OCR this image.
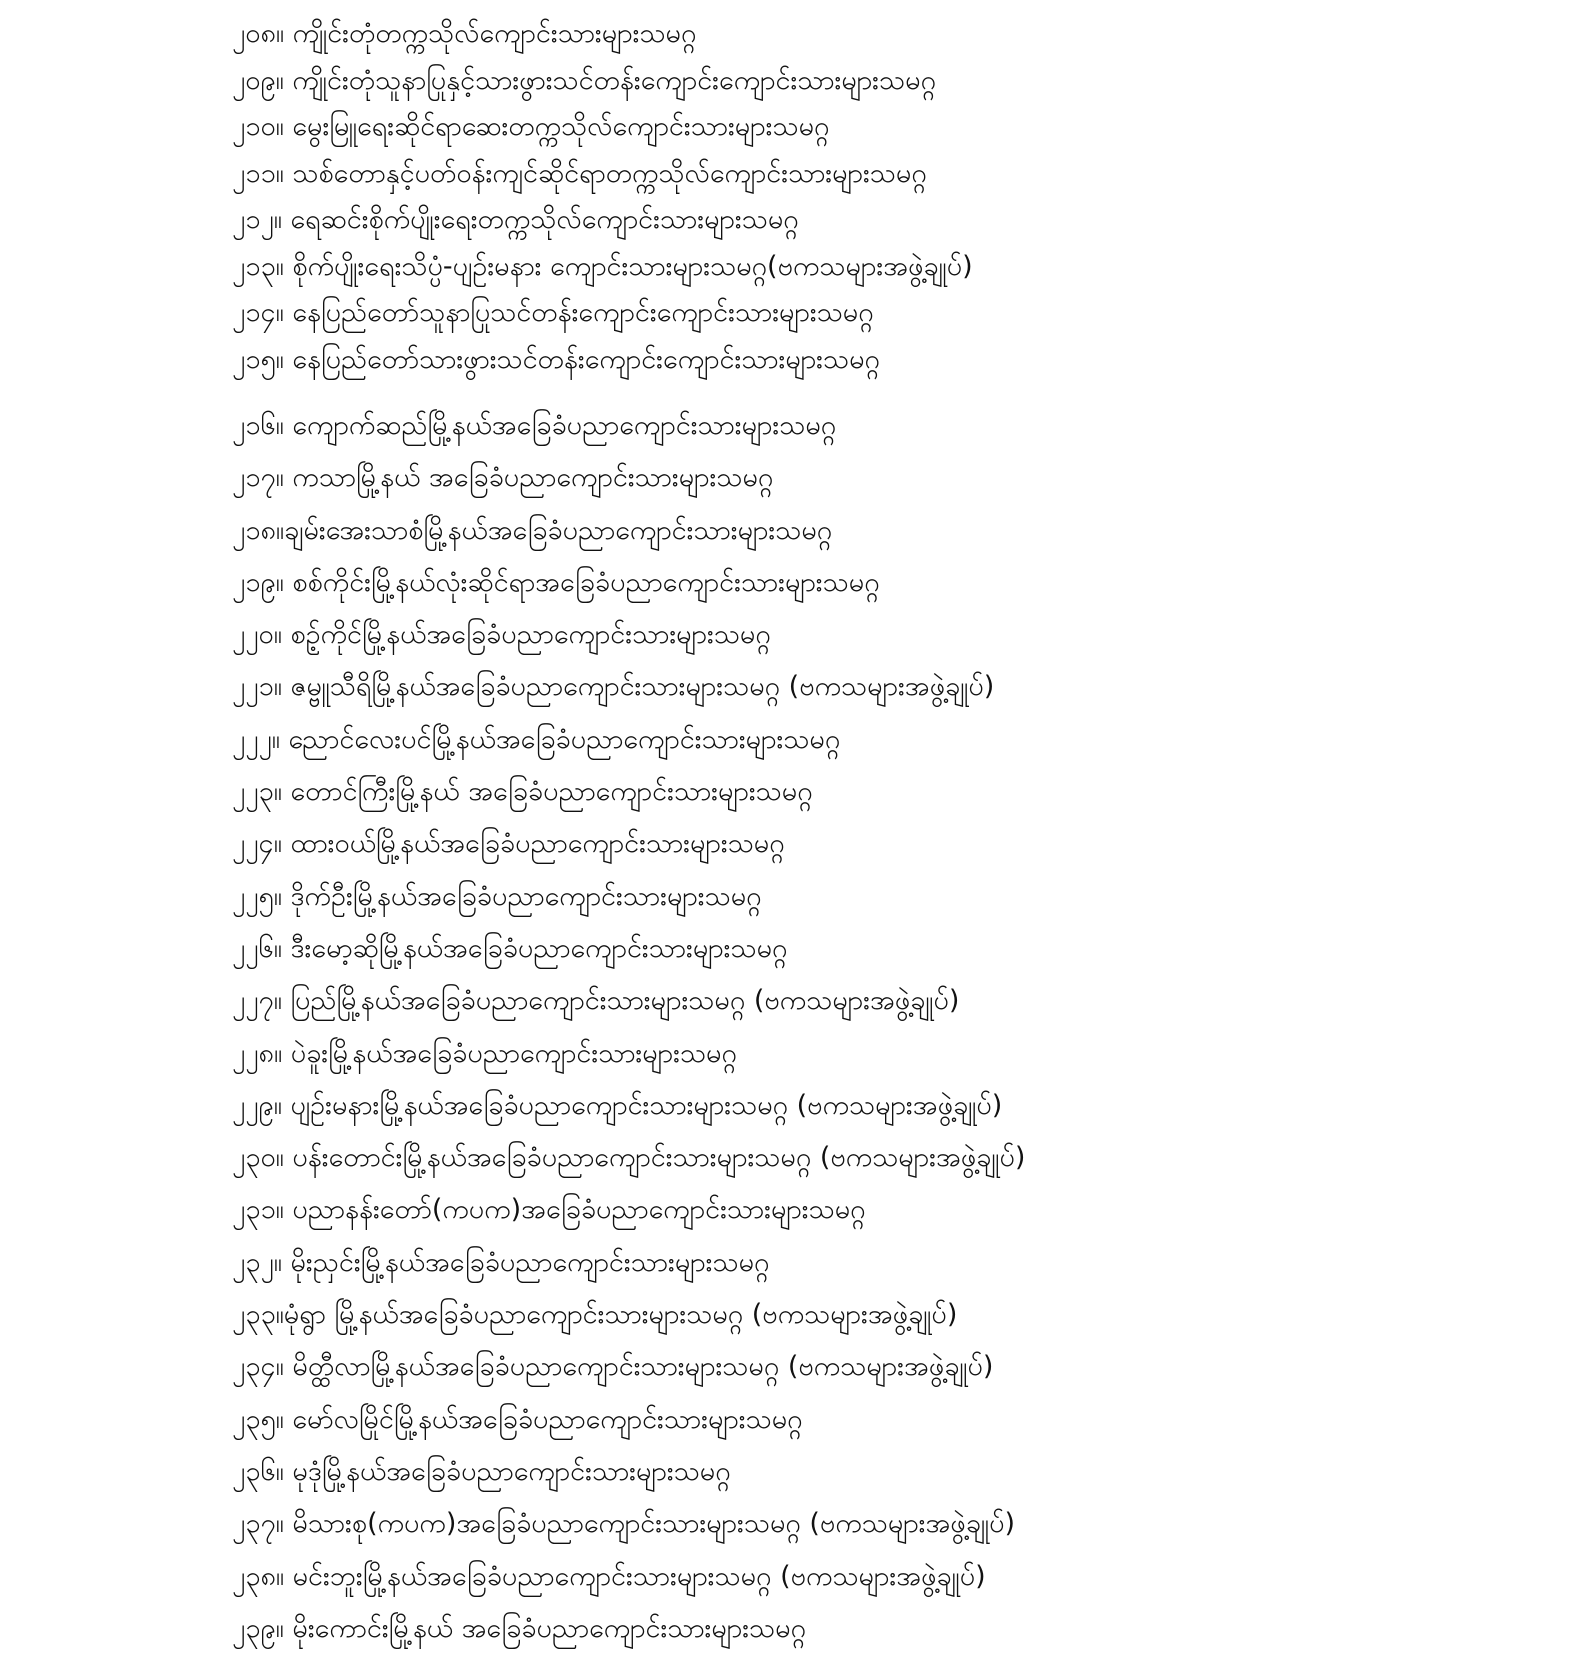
၂၀၈။ ကျိုင်းတုံတက္ကသိုလ်ကျောင်းသားများသမဂ္ဂ

၂၀၉။ ကျိုင်းတုံသူနာပြုနှင့်သားဖွားသင်တန်းကျောင်းကျောင်းသားများသမဂ္ဂ

၂၁၀။ မွေးမြူရေးဆိုင်ရာဆေးတက္ကသိုလ်ကျောင်းသားများသမဂ္ဂ

၂၁၁။ သစ်တောနှင့်ပတ်ဝန်းကျင်ဆိုင်ရာတက္ကသိုလ်ကျောင်းသားများသမဂ္ဂ

၂၁၂။ ရေဆင်းစိုက်ပျိုးရေးတက္ကသိုလ်ကျောင်းသားများသမဂ္ဂ

၂၁၃။ စိုက်ပျိုးရေးသိပ္ပံ-ပျဉ်းမနား ကျောင်းသားများသမဂ္ဂ(ဗကသများအဖွဲ့ချုပ်)

၂၁၄။ နေပြည်တော်သူနာပြုသင်တန်းကျောင်းကျောင်းသားများသမဂ္ဂ

၂၁၅။ နေပြည်တော်သားဖွားသင်တန်းကျောင်းကျောင်းသားများသမဂ္ဂ

၂၁၆။ ကျောက်ဆည်မြို့နယ်အခြေခံပညာကျောင်းသားများသမဂ္ဂ

၂၁၇။ ကသာမြို့နယ် အခြေခံပညာကျောင်းသားများသမဂ္ဂ

၂၁၈။ချမ်းအေးသာစံမြို့နယ်အခြေခံပညာကျောင်းသားများသမဂ္ဂ

၂၁၉။ စစ်ကိုင်းမြို့နယ်လုံးဆိုင်ရာအခြေခံပညာကျောင်းသားများသမဂ္ဂ

၂၂၀။ စဉ့်ကိုင်မြို့နယ်အခြေခံပညာကျောင်းသားများသမဂ္ဂ

၂၂၁။ ဇမ္ဗူသီရိမြို့နယ်အခြေခံပညာကျောင်းသားများသမဂ္ဂ (ဗကသများအဖွဲ့ချုပ်)

၂၂၂။ ညောင်လေးပင်မြို့နယ်အခြေခံပညာကျောင်းသားများသမဂ္ဂ

၂၂၃။ တောင်ကြီးမြို့နယ် အခြေခံပညာကျောင်းသားများသမဂ္ဂ

၂၂၄။ ထားဝယ်မြို့နယ်အခြေခံပညာကျောင်းသားများသမဂ္ဂ

၂၂၅။ ဒိုက်ဦးမြို့နယ်အခြေခံပညာကျောင်းသားများသမဂ္ဂ

၂၂၆။ ဒီးမော့ဆိုမြို့နယ်အခြေခံပညာကျောင်းသားများသမဂ္ဂ

၂၂၇။ ပြည်မြို့နယ်အခြေခံပညာကျောင်းသားများသမဂ္ဂ (ဗကသများအဖွဲ့ချုပ်)

၂၂၈။ ပဲခူးမြို့နယ်အခြေခံပညာကျောင်းသားများသမဂ္ဂ

၂၂၉။ ပျဉ်းမနားမြို့နယ်အခြေခံပညာကျောင်းသားများသမဂ္ဂ (ဗကသများအဖွဲ့ချုပ်)

၂၃၀။ ပန်းတောင်းမြို့နယ်အခြေခံပညာကျောင်းသားများသမဂ္ဂ (ဗကသများအဖွဲ့ချုပ်)

၂၃၁။ ပညာနန်းတော်(ကပက)အခြေခံပညာကျောင်းသားများသမဂ္ဂ

၂၃၂။ မိုးညှင်းမြို့နယ်အခြေခံပညာကျောင်းသားများသမဂ္ဂ

၂၃၃။မုံရွာ မြို့နယ်အခြေခံပညာကျောင်းသားများသမဂ္ဂ (ဗကသများအဖွဲ့ချုပ်)

၂၃၄။ မိတ္ထီလာမြို့နယ်အခြေခံပညာကျောင်းသားများသမဂ္ဂ (ဗကသများအဖွဲ့ချုပ်)

၂၃၅။ မော်လမြိုင်မြို့နယ်အခြေခံပညာကျောင်းသားများသမဂ္ဂ

၂၃၆။ မုဒုံမြို့နယ်အခြေခံပညာကျောင်းသားများသမဂ္ဂ

၂၃၇။ မိသားစု(ကပက)အခြေခံပညာကျောင်းသားများသမဂ္ဂ (ဗကသများအဖွဲ့ချုပ်)

၂၃၈။ မင်းဘူးမြို့နယ်အခြေခံပညာကျောင်းသားများသမဂ္ဂ (ဗကသများအဖွဲ့ချုပ်)

၂၃၉။ မိုးကောင်းမြို့နယ် အခြေခံပညာကျောင်းသားများသမဂ္ဂ
